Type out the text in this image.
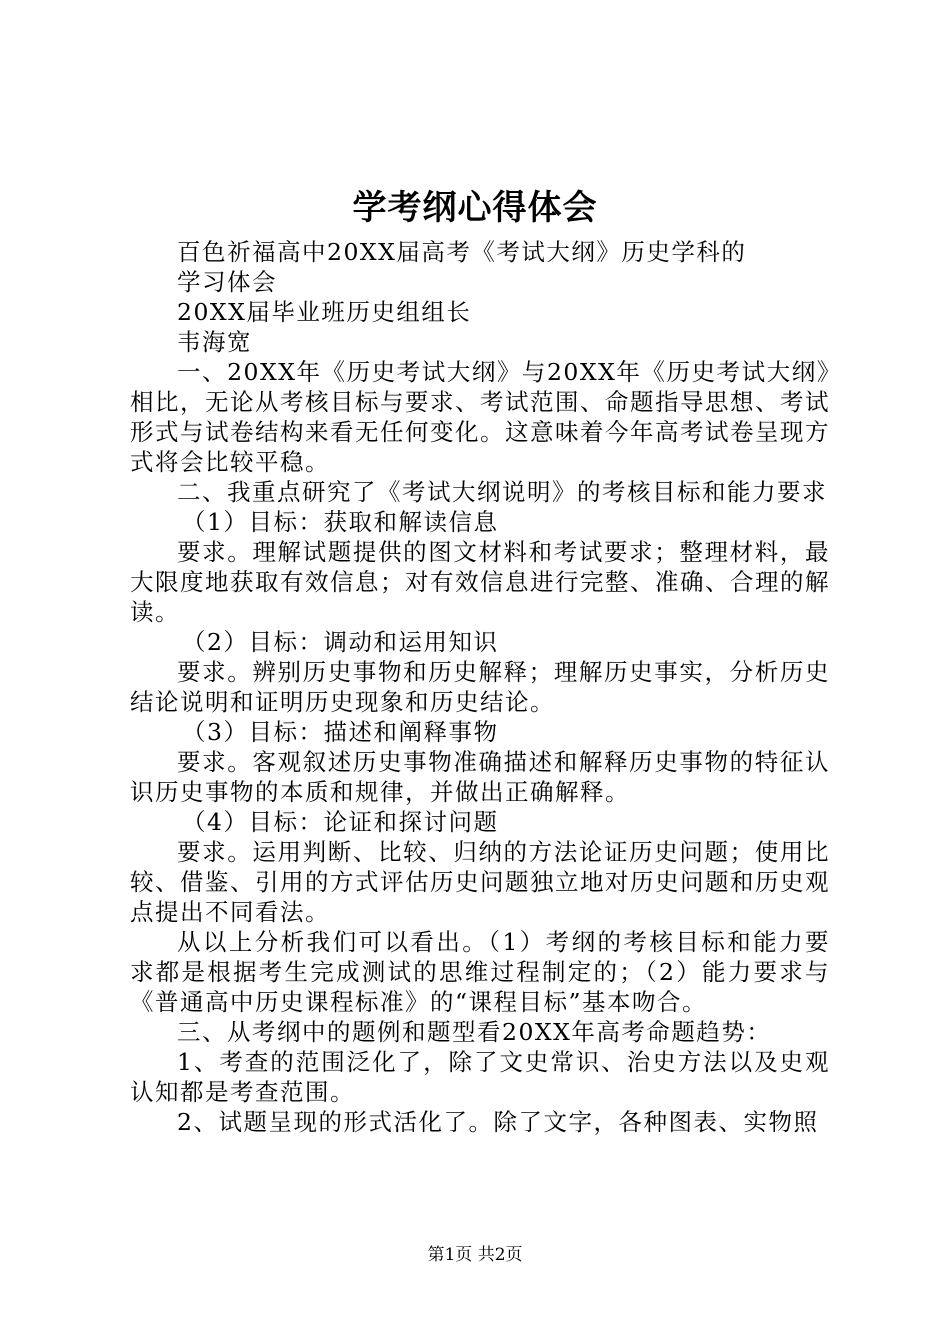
学考纲心得体会

百色祈福高中20XX届高考《考试大纲》历史学科的

学习体会

20XX届毕业班历史组组长

韦海宽

一、20XX年《历史考试大纲》与20XX年《历史考试大纲》相比，无论从考核目标与要求、考试范围、命题指导思想、考试形式与试卷结构来看无任何变化。这意味着今年高考试卷呈现方式将会比较平稳。

二、我重点研究了《考试大纲说明》的考核目标和能力要求

（1）目标：获取和解读信息

要求。理解试题提供的图文材料和考试要求；整理材料，最大限度地获取有效信息；对有效信息进行完整、准确、合理的解读。

（2）目标：调动和运用知识

要求。辨别历史事物和历史解释；理解历史事实，分析历史结论说明和证明历史现象和历史结论。

（3）目标：描述和阐释事物

要求。客观叙述历史事物准确描述和解释历史事物的特征认识历史事物的本质和规律，并做出正确解释。

（4）目标：论证和探讨问题

要求。运用判断、比较、归纳的方法论证历史问题；使用比较、借鉴、引用的方式评估历史问题独立地对历史问题和历史观点提出不同看法。

从以上分析我们可以看出。（1）考纲的考核目标和能力要求都是根据考生完成测试的思维过程制定的；（2）能力要求与《普通高中历史课程标准》的“课程目标”基本吻合。

三、从考纲中的题例和题型看20XX年高考命题趋势：

1、考查的范围泛化了，除了文史常识、治史方法以及史观认知都是考查范围。

2、试题呈现的形式活化了。除了文字，各种图表、实物照

第1页 共2页
